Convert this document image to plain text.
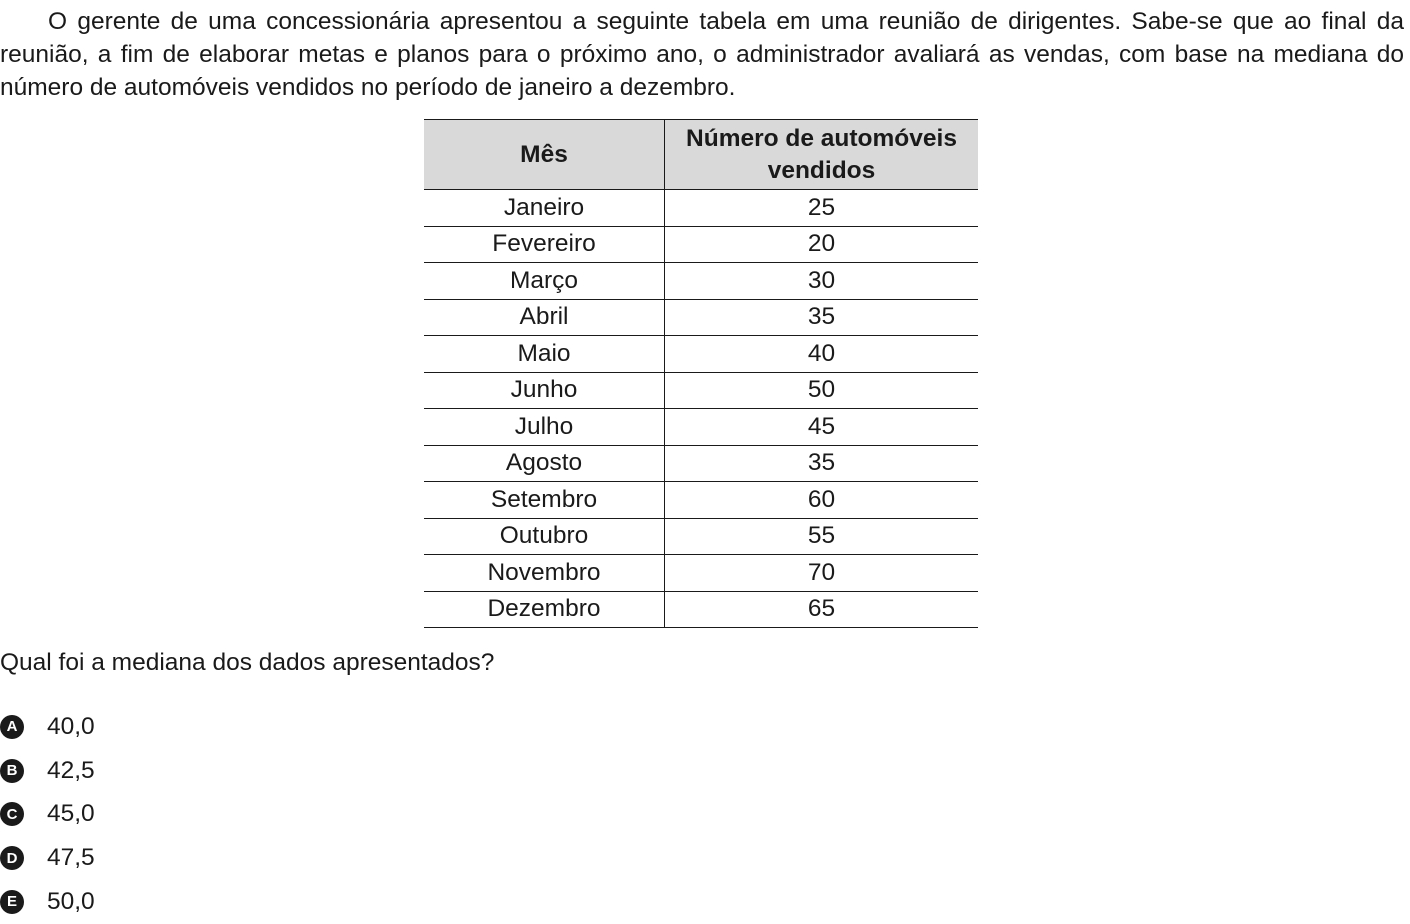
O gerente de uma concessionária apresentou a seguinte tabela em uma reunião de dirigentes. Sabe-se que ao final da reunião, a fim de elaborar metas e planos para o próximo ano, o administrador avaliará as vendas, com base na mediana do número de automóveis vendidos no período de janeiro a dezembro.

Mês	Número de automóveis vendidos
Janeiro	25
Fevereiro	20
Março	30
Abril	35
Maio	40
Junho	50
Julho	45
Agosto	35
Setembro	60
Outubro	55
Novembro	70
Dezembro	65

Qual foi a mediana dos dados apresentados?

A 40,0
B 42,5
C 45,0
D 47,5
E 50,0
